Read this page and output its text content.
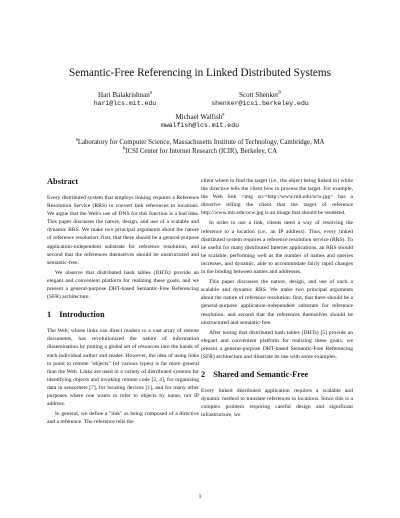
Semantic-Free Referencing in Linked Distributed Systems
Hari Balakrishnan$^a$
hari@lcs.mit.edu
Scott Shenker$^b$
shenker@icsi.berkeley.edu
Michael Walfish$^a$
mwalfish@lcs.mit.edu
$^a$Laboratory for Computer Science, Massachusetts Institute of Technology, Cambridge, MA
$^b$ICSI Center for Internet Research (ICIR), Berkeley, CA
Abstract

Every distributed system that employs linking requires a Reference Resolution Service (RRS) to convert link references to locations. We argue that the Web's use of DNS for this function is a bad idea. This paper discusses the nature, design, and use of a scalable and dynamic RRS. We make two principal arguments about the nature of reference resolution: first, that there should be a general-purpose application-independent substrate for reference resolution, and second that the references themselves should be unstructured and semantic-free.

We observe that distributed hash tables (DHTs) provide an elegant and convenient platform for realizing these goals, and we present a general-purpose DHT-based Semantic-Free Referencing (SFR) architecture.

1 Introduction

The Web, whose links can direct readers to a vast array of remote documents, has revolutionized the nature of information dissemination by putting a global set of resources into the hands of each individual author and reader. However, the idea of using links to point to remote "objects" (of various types) is far more general than the Web. Links are used in a variety of distributed systems for identifying objects and invoking remote code [2, 4], for organizing data in sensornets [7], for locating devices [1], and for many other purposes where one wants to refer to objects by name, not IP address.

In general, we define a "link" as being composed of a directive and a reference. The reference tells the

client where to find the target (i.e., the object being linked to) while the directive tells the client how to process the target. For example, the Web link <img src=http://www.mit.edu/ocw.jpg> has a directive telling the client that the target of reference http://www.mit.edu/ocw.jpg is an image that should be rendered.

In order to use a link, clients need a way of resolving the reference to a location (i.e., an IP address). Thus, every linked distributed system requires a reference resolution service (RRS). To be useful for many distributed Internet applications, an RRS should be scalable, performing well as the number of names and queries increases, and dynamic, able to accommodate fairly rapid changes in the binding between names and addresses.

This paper discusses the nature, design, and use of such a scalable and dynamic RRS. We make two principal arguments about the nature of reference resolution: first, that there should be a general-purpose application-independent substrate for reference resolution, and second that the references themselves should be unstructured and semantic-free.

After noting that distributed hash tables (DHTs) [5] provide an elegant and convenient platform for realizing these goals, we present a general-purpose DHT-based Semantic-Free Referencing (SFR) architecture and illustrate its use with some examples.

2 Shared and Semantic-Free

Every linked distributed application requires a scalable and dynamic method to translate references to locations. Since this is a complex problem requiring careful design and significant infrastructure, we

1
